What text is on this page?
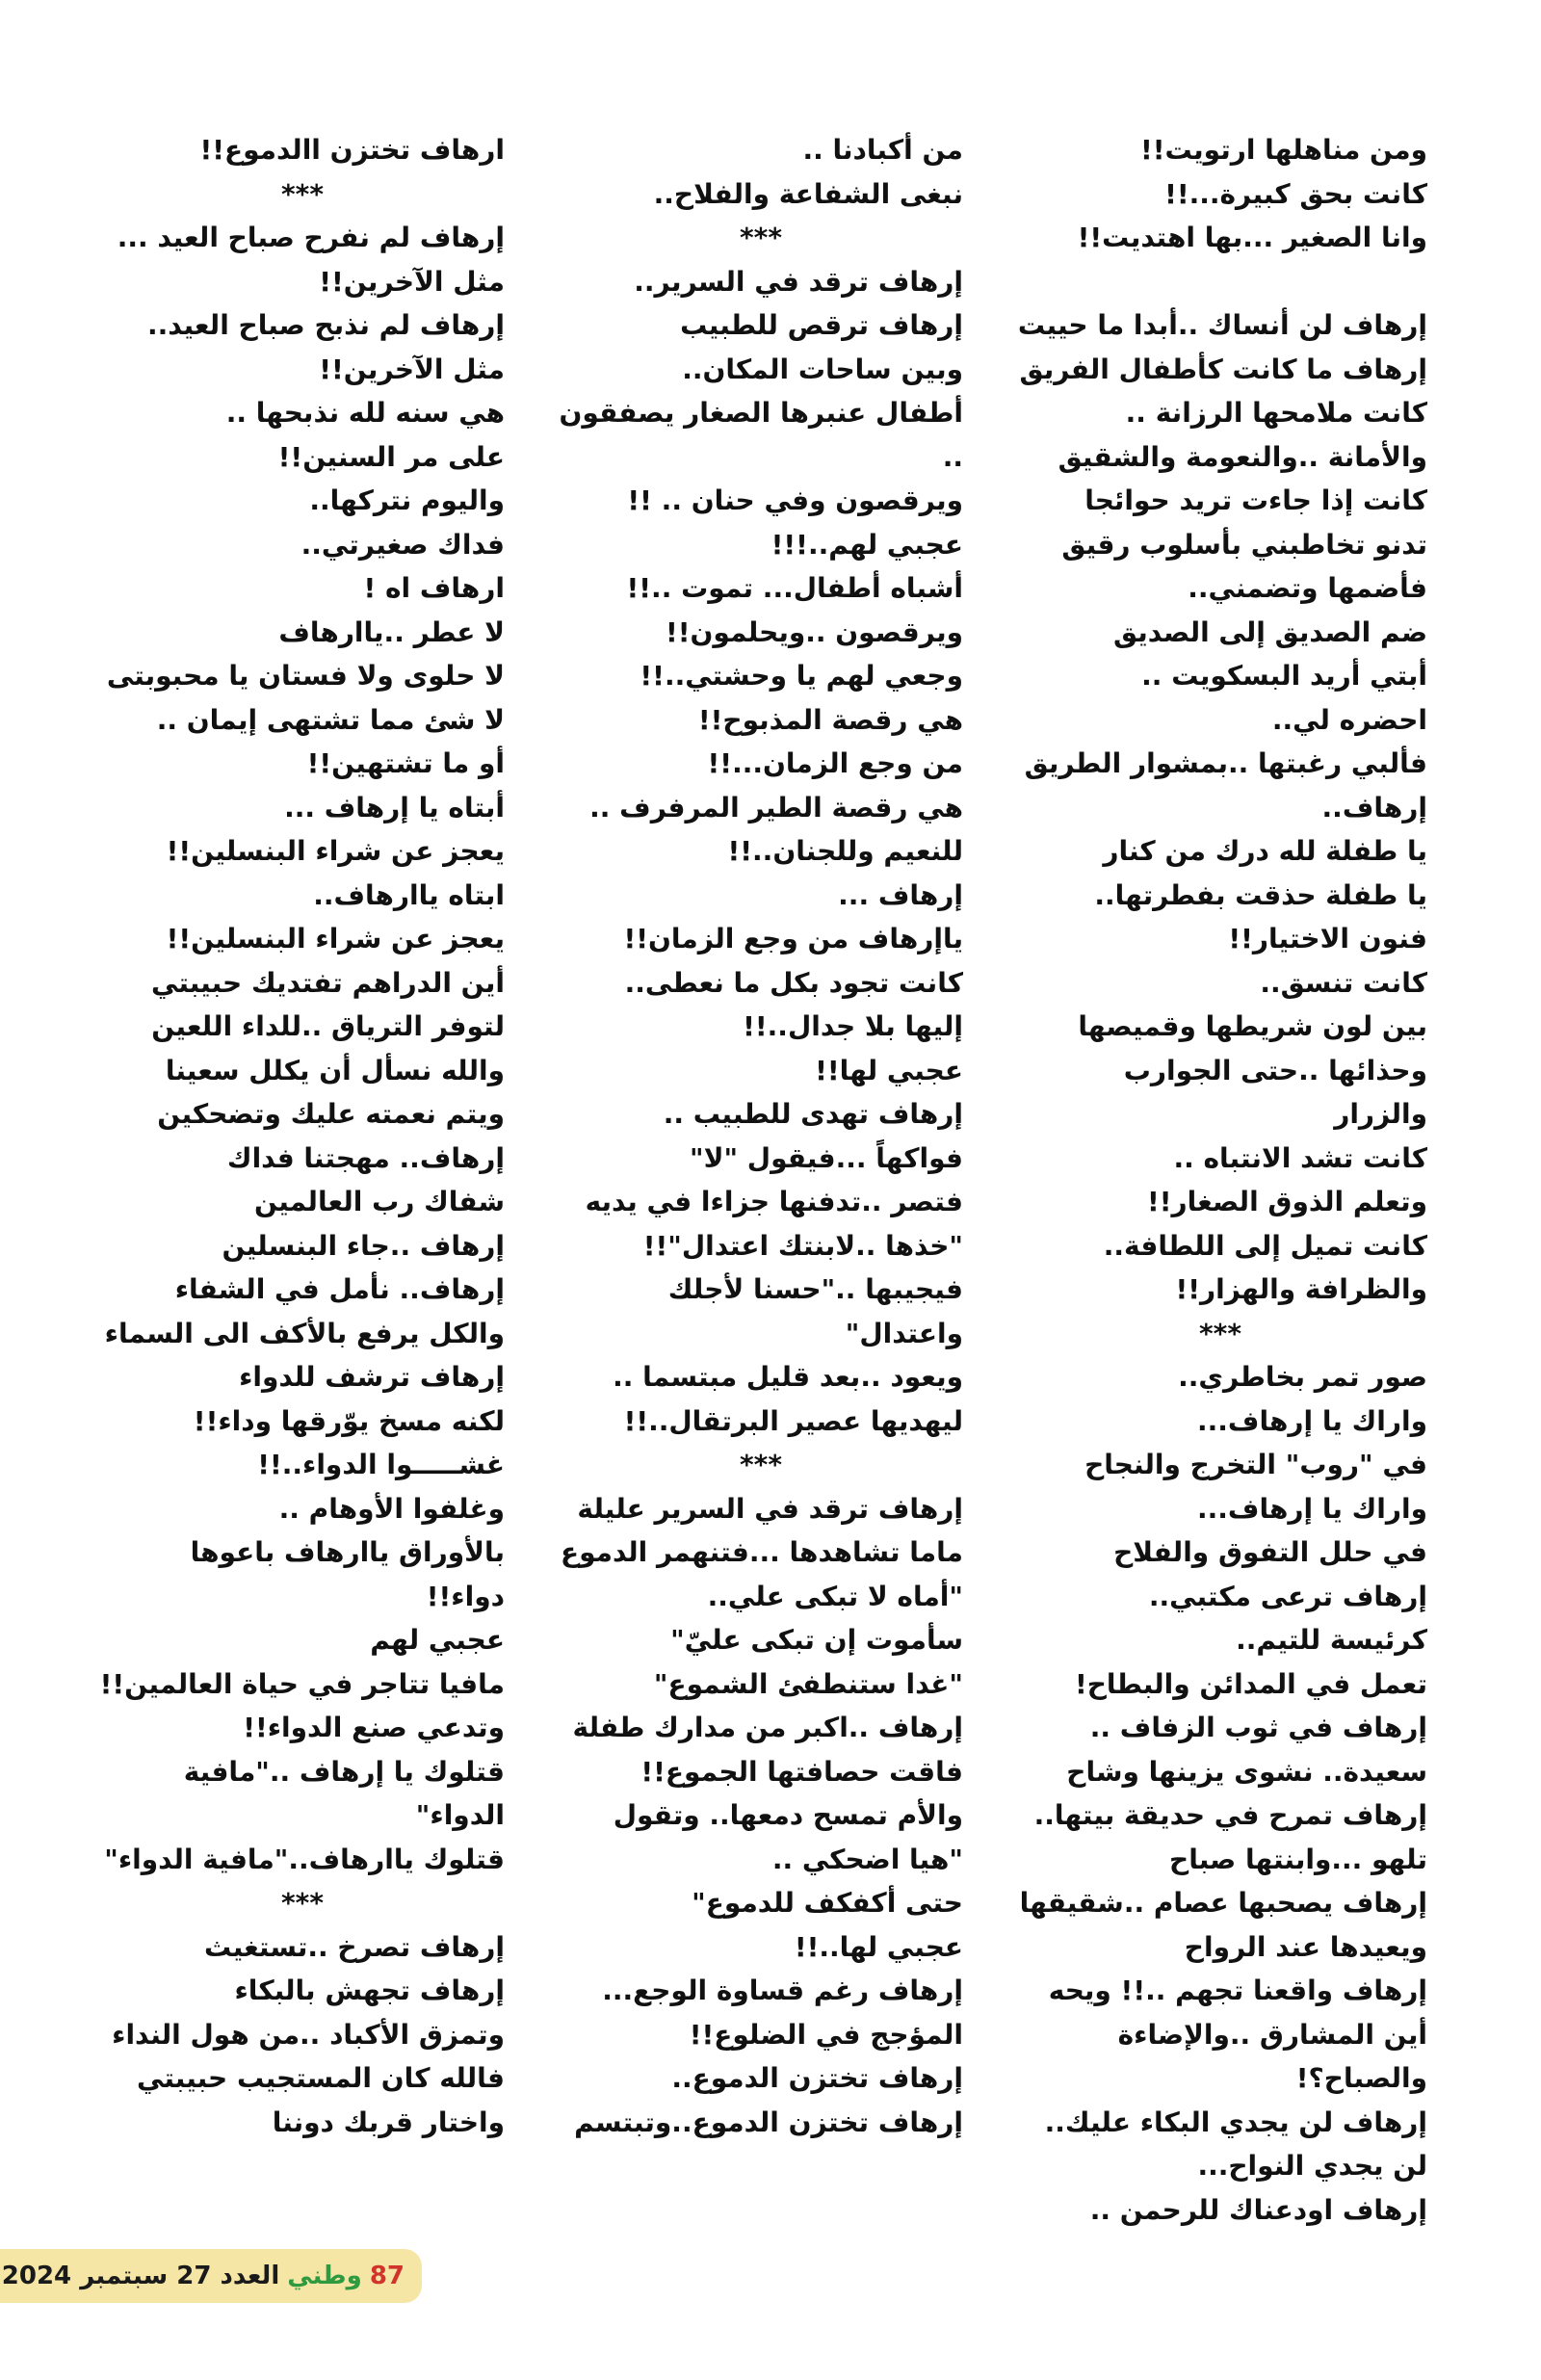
ومن مناهلها ارتويت!!
كانت بحق كبيرة...!!
وانا الصغير ...بها اهتديت!!
إرهاف لن أنساك ..أبدا ما حييت
إرهاف ما كانت كأطفال الفريق
كانت ملامحها الرزانة ..
والأمانة ..والنعومة والشقيق
كانت إذا جاءت تريد حوائجا
تدنو تخاطبني بأسلوب رقيق
فأضمها وتضمني..
ضم الصديق إلى الصديق
أبتي أريد البسكويت ..
احضره لي..
فألبي رغبتها ..بمشوار الطريق
إرهاف..
يا طفلة لله درك من كنار
يا طفلة حذقت بفطرتها..
فنون الاختيار!!
كانت تنسق..
بين لون شريطها وقميصها
وحذائها ..حتى الجوارب
والزرار
كانت تشد الانتباه ..
وتعلم الذوق الصغار!!
كانت تميل إلى اللطافة..
والظرافة والهزار!!
***
صور تمر بخاطري..
واراك يا إرهاف...
في "روب" التخرج والنجاح
واراك يا إرهاف...
في حلل التفوق والفلاح
إرهاف ترعى مكتبي..
كرئيسة للتيم..
تعمل في المدائن والبطاح!
إرهاف في ثوب الزفاف ..
سعيدة.. نشوى يزينها وشاح
إرهاف تمرح في حديقة بيتها..
تلهو ...وابنتها صباح
إرهاف يصحبها عصام ..شقيقها
ويعيدها عند الرواح
إرهاف واقعنا تجهم ..!! ويحه
أين المشارق ..والإضاءة
والصباح؟!
إرهاف لن يجدي البكاء عليك..
لن يجدي النواح...
إرهاف اودعناك للرحمن ..
من أكبادنا ..
نبغى الشفاعة والفلاح..
***
إرهاف ترقد في السرير..
إرهاف ترقص للطبيب
وبين ساحات المكان..
أطفال عنبرها الصغار يصفقون
..
ويرقصون وفي حنان .. !!
عجبي لهم..!!!
أشباه أطفال... تموت ..!!
ويرقصون ..ويحلمون!!
وجعي لهم يا وحشتي..!!
هي رقصة المذبوح!!
من وجع الزمان...!!
هي رقصة الطير المرفرف ..
للنعيم وللجنان..!!
إرهاف ...
ياإرهاف من وجع الزمان!!
كانت تجود بكل ما نعطى..
إليها بلا جدال..!!
عجبي لها!!
إرهاف تهدى للطبيب ..
فواكهاً ...فيقول "لا"
فتصر ..تدفنها جزاءا في يديه
"خذها ..لابنتك اعتدال"!!
فيجيبها .."حسنا لأجلك
واعتدال"
ويعود ..بعد قليل مبتسما ..
ليهديها عصير البرتقال..!!
***
إرهاف ترقد في السرير عليلة
ماما تشاهدها ...فتنهمر الدموع
"أماه لا تبكى علي..
سأموت إن تبكى عليّ"
"غدا ستنطفئ الشموع"
إرهاف ..اكبر من مدارك طفلة
فاقت حصافتها الجموع!!
والأم تمسح دمعها.. وتقول
"هيا اضحكي ..
حتى أكفكف للدموع"
عجبي لها..!!
إرهاف رغم قساوة الوجع...
المؤجج في الضلوع!!
إرهاف تختزن الدموع..
إرهاف تختزن الدموع..وتبتسم
ارهاف تختزن االدموع!!
***
إرهاف لم نفرح صباح العيد ...
مثل الآخرين!!
إرهاف لم نذبح صباح العيد..
مثل الآخرين!!
هي سنه لله نذبحها ..
على مر السنين!!
واليوم نتركها..
فداك صغيرتي..
ارهاف اه !
لا عطر ..ياارهاف
لا حلوى ولا فستان يا محبوبتى
لا شئ مما تشتهى إيمان ..
أو ما تشتهين!!
أبتاه يا إرهاف ...
يعجز عن شراء البنسلين!!
ابتاه ياارهاف..
يعجز عن شراء البنسلين!!
أين الدراهم تفتديك حبيبتي
لتوفر الترياق ..للداء اللعين
والله نسأل أن يكلل سعينا
ويتم نعمته عليك وتضحكين
إرهاف.. مهجتنا فداك
شفاك رب العالمين
إرهاف ..جاء البنسلين
إرهاف.. نأمل في الشفاء
والكل يرفع بالأكف الى السماء
إرهاف ترشف للدواء
لكنه مسخ يوّرقها وداء!!
غشـــــوا الدواء..!!
وغلفوا الأوهام ..
بالأوراق ياارهاف باعوها
دواء!!
عجبي لهم
مافيا تتاجر في حياة العالمين!!
وتدعي صنع الدواء!!
قتلوك يا إرهاف .."مافية
الدواء"
قتلوك ياارهاف.."مافية الدواء"
***
إرهاف تصرخ ..تستغيث
إرهاف تجهش بالبكاء
وتمزق الأكباد ..من هول النداء
فالله كان المستجيب حبيبتي
واختار قربك دوننا
87
وطني
العدد 27 سبتمبر 2024
